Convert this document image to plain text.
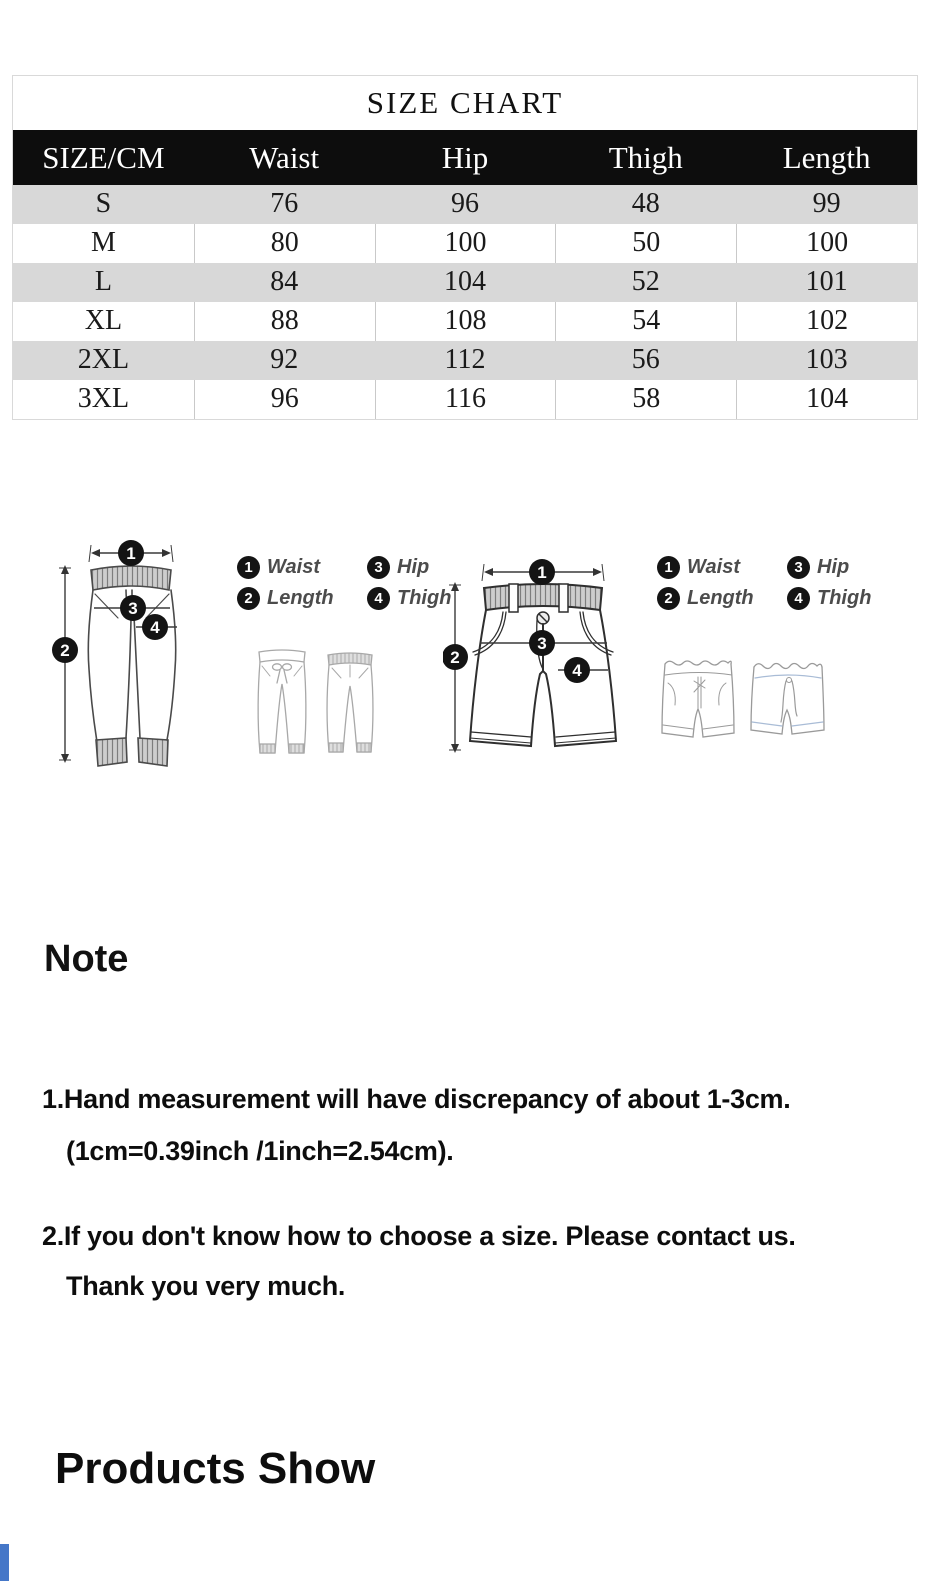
SIZE CHART
SIZE/CM	Waist	Hip	Thigh	Length
S	76	96	48	99
M	80	100	50	100
L	84	104	52	101
XL	88	108	54	102
2XL	92	112	56	103
3XL	96	116	58	104
1
2
3
4
1 Waist	3 Hip
2 Length	4 Thigh
1
2
3
4
1 Waist	3 Hip
2 Length	4 Thigh
Note
1.Hand measurement will have discrepancy of about 1-3cm.
(1cm=0.39inch /1inch=2.54cm).
2.If you don't know how to choose a size. Please contact us.
Thank you very much.
Products Show
